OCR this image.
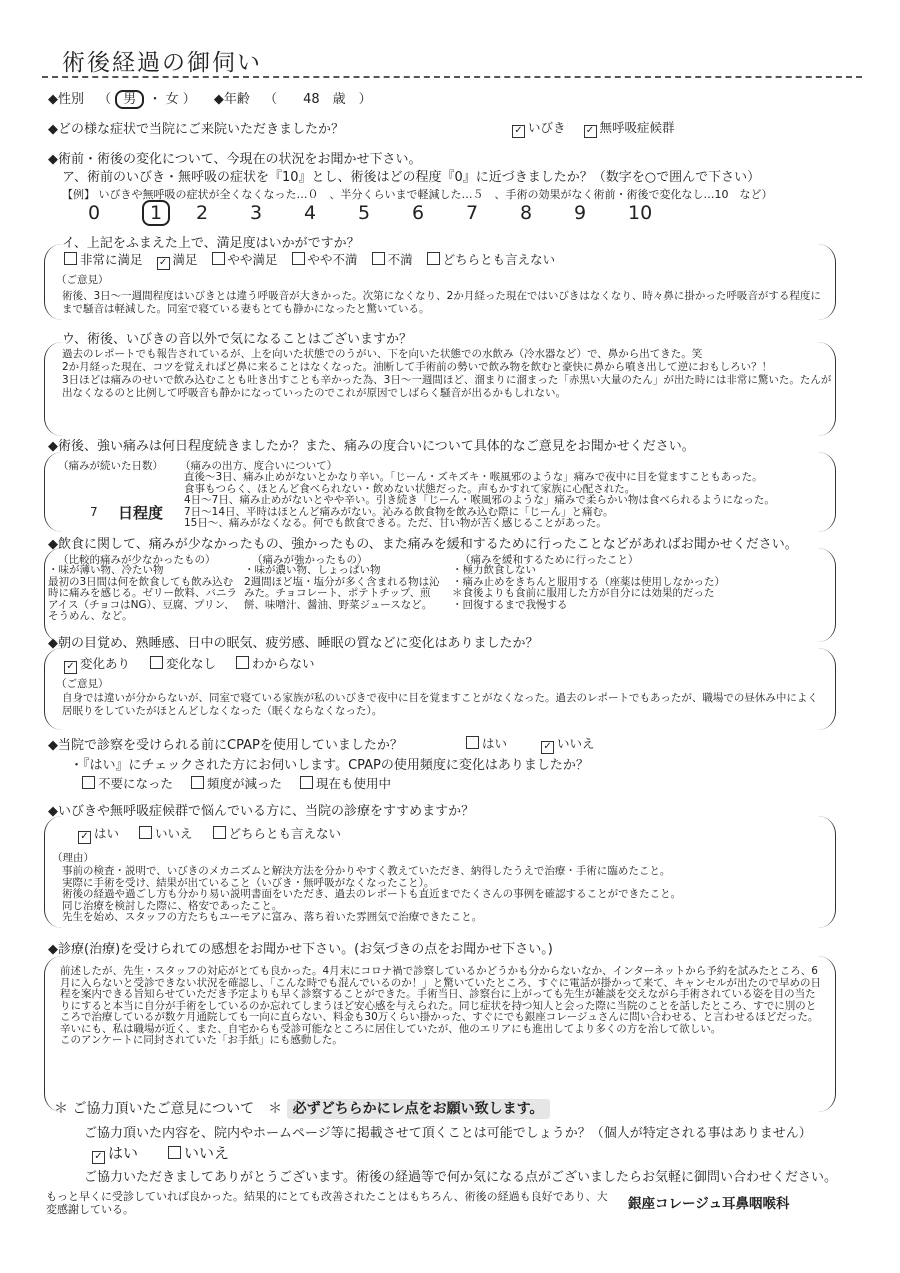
術後経過の御伺い
◆性別 （ 男 ・ 女 ） ◆年齢 （　　48　歳　）
◆どの様な症状で当院にご来院いただきましたか？ ✓	いびき ✓	無呼吸症候群
◆術前・術後の変化について、今現在の状況をお聞かせ下さい。
ア、術前のいびき・無呼吸の症状を『10』とし、術後はどの程度『0』に近づきましたか？（数字を○で囲んで下さい）
【例】 いびきや無呼吸の症状が全くなくなった…０　、半分くらいまで軽減した…５　、手術の効果がなく術前・術後で変化なし…10　など）
0	1 2 3 4 5 6 7 8 9 10
イ、上記をふまえた上で、満足度はいかがですか？
非常に満足 ✓ 満足 やや満足 やや不満 不満 どちらとも言えない
（ご意見）
術後、3日〜一週間程度はいびきとは違う呼吸音が大きかった。次第になくなり、2か月経った現在ではいびきはなくなり、時々鼻に掛かった呼吸音がする程度にまで騒音は軽減した。同室で寝ている妻もとても静かになったと驚いている。
ウ、術後、いびきの音以外で気になることはございますか？
過去のレポートでも報告されているが、上を向いた状態でのうがい、下を向いた状態での水飲み（冷水器など）で、鼻から出てきた。笑
2か月経った現在、コツを覚えればど鼻に来ることはなくなった。油断して手術前の勢いで飲み物を飲むと豪快に鼻から噴き出して逆におもしろい？！
3日ほどは痛みのせいで飲み込むことも吐き出すことも辛かった為、3日〜一週間ほど、溜まりに溜まった「赤黒い大量のたん」が出た時には非常に驚いた。たんが出なくなるのと比例して呼吸音も静かになっていったのでこれが原因でしばらく騒音が出るかもしれない。
◆術後、強い痛みは何日程度続きましたか？また、痛みの度合いについて具体的なご意見をお聞かせください。
（痛みが続いた日数）
7 日程度
（痛みの出方、度合いについて）
直後〜3日、痛み止めがないとかなり辛い。「じーん・ズキズキ・喉風邪のような」痛みで夜中に目を覚ますこともあった。
食事もつらく、ほとんど食べられない・飲めない状態だった。声もかすれて家族に心配された。
4日〜7日、痛み止めがないとやや辛い。引き続き「じーん・喉風邪のような」痛みで柔らかい物は食べられるようになった。
7日〜14日、平時はほとんど痛みがない。沁みる飲食物を飲み込む際に「じーん」と痛む。
15日〜、痛みがなくなる。何でも飲食できる。ただ、甘い物が苦く感じることがあった。
◆飲食に関して、痛みが少なかったもの、強かったもの、また痛みを緩和するために行ったことなどがあればお聞かせください。
（比較的痛みが少なかったもの）
・味が薄い物、冷たい物
最初の3日間は何を飲食しても飲み込む時に痛みを感じる。ゼリー飲料、バニラアイス（チョコはNG）、豆腐、プリン、そうめん、など。
（痛みが強かったもの）
・味が濃い物、しょっぱい物
2週間ほど塩・塩分が多く含まれる物は沁みた。チョコレート、ポテトチップ、煎餅、味噌汁、醤油、野菜ジュースなど。
（痛みを緩和するために行ったこと）
・極力飲食しない
・痛み止めをきちんと服用する（座薬は使用しなかった）
＊食後よりも食前に服用した方が自分には効果的だった
・回復するまで我慢する
◆朝の目覚め、熟睡感、日中の眠気、疲労感、睡眠の質などに変化はありましたか？
✓変化あり	変化なし	わからない
（ご意見）
自身では違いが分からないが、同室で寝ている家族が私のいびきで夜中に目を覚ますことがなくなった。過去のレポートでもあったが、職場での昼休み中によく居眠りをしていたがほとんどしなくなった（眠くならなくなった）。
◆当院で診察を受けられる前にCPAPを使用していましたか？	はい ✓	いいえ
・『はい』にチェックされた方にお伺いします。CPAPの使用頻度に変化はありましたか？
不要になった	頻度が減った	現在も使用中
◆いびきや無呼吸症候群で悩んでいる方に、当院の診療をすすめますか？
✓はい	いいえ	どちらとも言えない
（理由）
事前の検査・説明で、いびきのメカニズムと解決方法を分かりやすく教えていただき、納得したうえで治療・手術に臨めたこと。
実際に手術を受け、結果が出ていること（いびき・無呼吸がなくなったこと）。
術後の経過や過ごし方も分かり易い説明書面をいただき、過去のレポートも直近までたくさんの事例を確認することができたこと。
同じ治療を検討した際に、格安であったこと。
先生を始め、スタッフの方たちもユーモアに富み、落ち着いた雰囲気で治療できたこと。
◆診療(治療)を受けられての感想をお聞かせ下さい。(お気づきの点をお聞かせ下さい。)
前述したが、先生・スタッフの対応がとても良かった。4月末にコロナ禍で診察しているかどうかも分からないなか、インターネットから予約を試みたところ、6月に入らないと受診できない状況を確認し、「こんな時でも混んでいるのか！」と驚いていたところ、すぐに電話が掛かって来て、キャンセルが出たので早めの日程を案内できる旨知らせていただき予定よりも早く診察することができた。手術当日、診察台に上がっても先生が雑談を交えながら手術されている姿を目の当たりにすると本当に自分が手術をしているのか忘れてしまうほど安心感を与えられた。同じ症状を持つ知人と会った際に当院のことを話したところ、すでに別のところで治療しているが数ケ月通院しても一向に直らない、料金も30万くらい掛かった、すぐにでも銀座コレージュさんに問い合わせる、と言わせるほどだった。
辛いにも、私は職場が近く、また、自宅からも受診可能なところに居住していたが、他のエリアにも進出してより多くの方を治して欲しい。
このアンケートに同封されていた「お手紙」にも感動した。
＊ ご協力頂いたご意見について　＊ 必ずどちらかにレ点をお願い致します。
ご協力頂いた内容を、院内やホームページ等に掲載させて頂くことは可能でしょうか？（個人が特定される事はありません）
✓はい	いいえ
ご協力いただきましてありがとうございます。術後の経過等で何か気になる点がございましたらお気軽に御問い合わせください。
もっと早くに受診していれば良かった。結果的にとても改善されたことはもちろん、術後の経過も良好であり、大変感謝している。	銀座コレージュ耳鼻咽喉科
